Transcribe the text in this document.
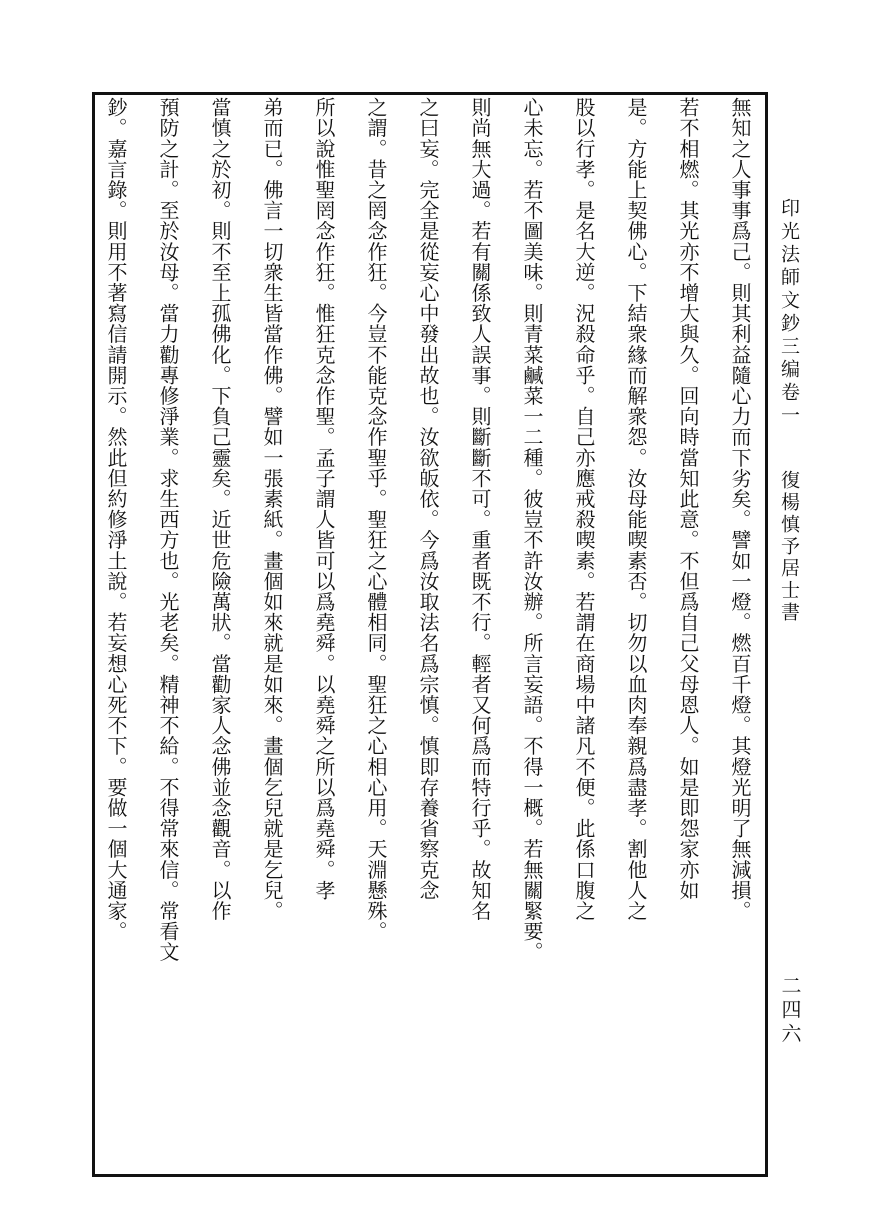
印光法師文鈔三编卷一
復楊慎予居士書
二四六
無知之人事事爲己。則其利益隨心力而下劣矣。譬如一燈。燃百千燈。其燈光明了無減損。
若不相燃。其光亦不增大與久。回向時當知此意。不但爲自己父母恩人。如是即怨家亦如
是。方能上契佛心。下結衆緣而解衆怨。汝母能喫素否。切勿以血肉奉親爲盡孝。割他人之
股以行孝。是名大逆。況殺命乎。自己亦應戒殺喫素。若謂在商場中諸凡不便。此係口腹之
心未忘。若不圖美味。則青菜鹹菜一二種。彼豈不許汝辦。所言妄語。不得一概。若無關緊要。
則尚無大過。若有關係致人誤事。則斷斷不可。重者既不行。輕者又何爲而特行乎。故知名
之曰妄。完全是從妄心中發出故也。汝欲皈依。今爲汝取法名爲宗慎。慎即存養省察克念
之謂。昔之罔念作狂。今豈不能克念作聖乎。聖狂之心體相同。聖狂之心相心用。天淵懸殊。
所以說惟聖罔念作狂。惟狂克念作聖。孟子謂人皆可以爲堯舜。以堯舜之所以爲堯舜。孝
弟而已。佛言一切衆生皆當作佛。譬如一張素紙。畫個如來就是如來。畫個乞兒就是乞兒。
當慎之於初。則不至上孤佛化。下負己靈矣。近世危險萬狀。當勸家人念佛並念觀音。以作
預防之計。至於汝母。當力勸專修淨業。求生西方也。光老矣。精神不給。不得常來信。常看文
鈔。嘉言錄。則用不著寫信請開示。然此但約修淨土說。若妄想心死不下。要做一個大通家。
